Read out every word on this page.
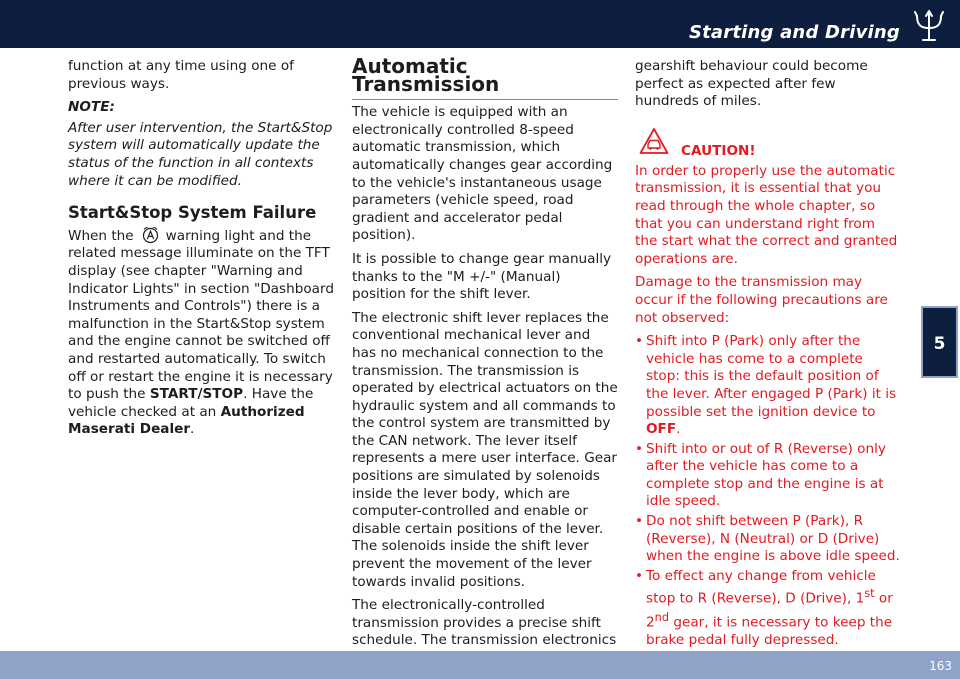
Starting and Driving

function at any time using one of previous ways.

NOTE:

After user intervention, the Start&Stop system will automatically update the status of the function in all contexts where it can be modified.

Start&Stop System Failure

When the warning light and the related message illuminate on the TFT display (see chapter "Warning and Indicator Lights" in section "Dashboard Instruments and Controls") there is a malfunction in the Start&Stop system and the engine cannot be switched off and restarted automatically. To switch off or restart the engine it is necessary to push the START/STOP. Have the vehicle checked at an Authorized Maserati Dealer.

Automatic Transmission

The vehicle is equipped with an electronically controlled 8-speed automatic transmission, which automatically changes gear according to the vehicle's instantaneous usage parameters (vehicle speed, road gradient and accelerator pedal position).

It is possible to change gear manually thanks to the "M +/-" (Manual) position for the shift lever.

The electronic shift lever replaces the conventional mechanical lever and has no mechanical connection to the transmission. The transmission is operated by electrical actuators on the hydraulic system and all commands to the control system are transmitted by the CAN network. The lever itself represents a mere user interface. Gear positions are simulated by solenoids inside the lever body, which are computer-controlled and enable or disable certain positions of the lever. The solenoids inside the shift lever prevent the movement of the lever towards invalid positions.

The electronically-controlled transmission provides a precise shift schedule. The transmission electronics

gearshift behaviour could become perfect as expected after few hundreds of miles.

CAUTION!

In order to properly use the automatic transmission, it is essential that you read through the whole chapter, so that you can understand right from the start what the correct and granted operations are.

Damage to the transmission may occur if the following precautions are not observed:

• Shift into P (Park) only after the vehicle has come to a complete stop: this is the default position of the lever. After engaged P (Park) it is possible set the ignition device to OFF.
• Shift into or out of R (Reverse) only after the vehicle has come to a complete stop and the engine is at idle speed.
• Do not shift between P (Park), R (Reverse), N (Neutral) or D (Drive) when the engine is above idle speed.
• To effect any change from vehicle stop to R (Reverse), D (Drive), 1st or 2nd gear, it is necessary to keep the brake pedal fully depressed.
5
163
